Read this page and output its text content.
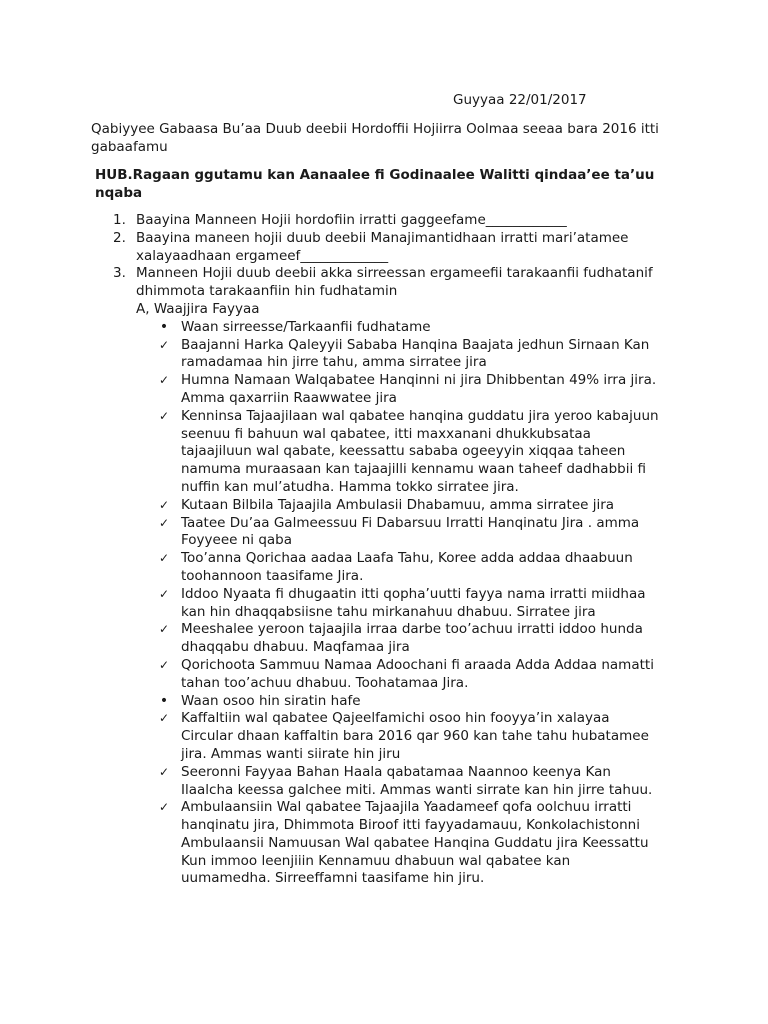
Guyyaa 22/01/2017
Qabiyyee Gabaasa Bu’aa Duub deebii Hordoffii Hojiirra Oolmaa seeaa bara 2016 itti gabaafamu
HUB.Ragaan ggutamu kan Aanaalee fi Godinaalee Walitti qindaa’ee ta’uu nqaba
1. Baayina Manneen Hojii hordofiin irratti gaggeefame____________
2. Baayina maneen hojii duub deebii Manajimantidhaan irratti mari’atamee xalayaadhaan ergameef_____________
3. Manneen Hojii duub deebii akka sirreessan ergameefii tarakaanfii fudhatanif dhimmota tarakaanfiin hin fudhatamin
A, Waajjira Fayyaa
• Waan sirreesse/Tarkaanfii fudhatame
✓ Baajanni Harka Qaleyyii Sababa Hanqina Baajata jedhun Sirnaan Kan ramadamaa hin jirre tahu, amma sirratee jira
✓ Humna Namaan Walqabatee Hanqinni ni jira Dhibbentan 49% irra jira. Amma qaxarriin Raawwatee jira
✓ Kenninsa Tajaajilaan wal qabatee hanqina guddatu jira yeroo kabajuun seenuu fi bahuun wal qabatee, itti maxxanani dhukkubsataa tajaajiluun wal qabate, keessattu sababa ogeeyyin xiqqaa taheen namuma muraasaan kan tajaajilli kennamu waan taheef dadhabbii fi nuffin kan mul’atudha. Hamma tokko sirratee jira.
✓ Kutaan Bilbila Tajaajila Ambulasii Dhabamuu, amma sirratee jira
✓ Taatee Du’aa Galmeessuu Fi Dabarsuu Irratti Hanqinatu Jira . amma Foyyeee ni qaba
✓ Too’anna Qorichaa aadaa Laafa Tahu, Koree adda addaa dhaabuun toohannoon taasifame Jira.
✓ Iddoo Nyaata fi dhugaatin itti qopha’uutti fayya nama irratti miidhaa kan hin dhaqqabsiisne tahu mirkanahuu dhabuu. Sirratee jira
✓ Meeshalee yeroon tajaajila irraa darbe too’achuu irratti iddoo hunda dhaqqabu dhabuu. Maqfamaa jira
✓ Qorichoota Sammuu Namaa Adoochani fi araada Adda Addaa namatti tahan too’achuu dhabuu. Toohatamaa Jira.
• Waan osoo hin siratin hafe
✓ Kaffaltiin wal qabatee Qajeelfamichi osoo hin fooyya’in xalayaa Circular dhaan kaffaltin bara 2016 qar 960 kan tahe tahu hubatamee jira. Ammas wanti siirate hin jiru
✓ Seeronni Fayyaa Bahan Haala qabatamaa Naannoo keenya Kan Ilaalcha keessa galchee miti. Ammas wanti sirrate kan hin jirre tahuu.
✓ Ambulaansiin Wal qabatee Tajaajila Yaadameef qofa oolchuu irratti hanqinatu jira, Dhimmota Biroof itti fayyadamauu, Konkolachistonni Ambulaansii Namuusan Wal qabatee Hanqina Guddatu jira Keessattu Kun immoo leenjiiin Kennamuu dhabuun wal qabatee kan uumamedha. Sirreeffamni taasifame hin jiru.
